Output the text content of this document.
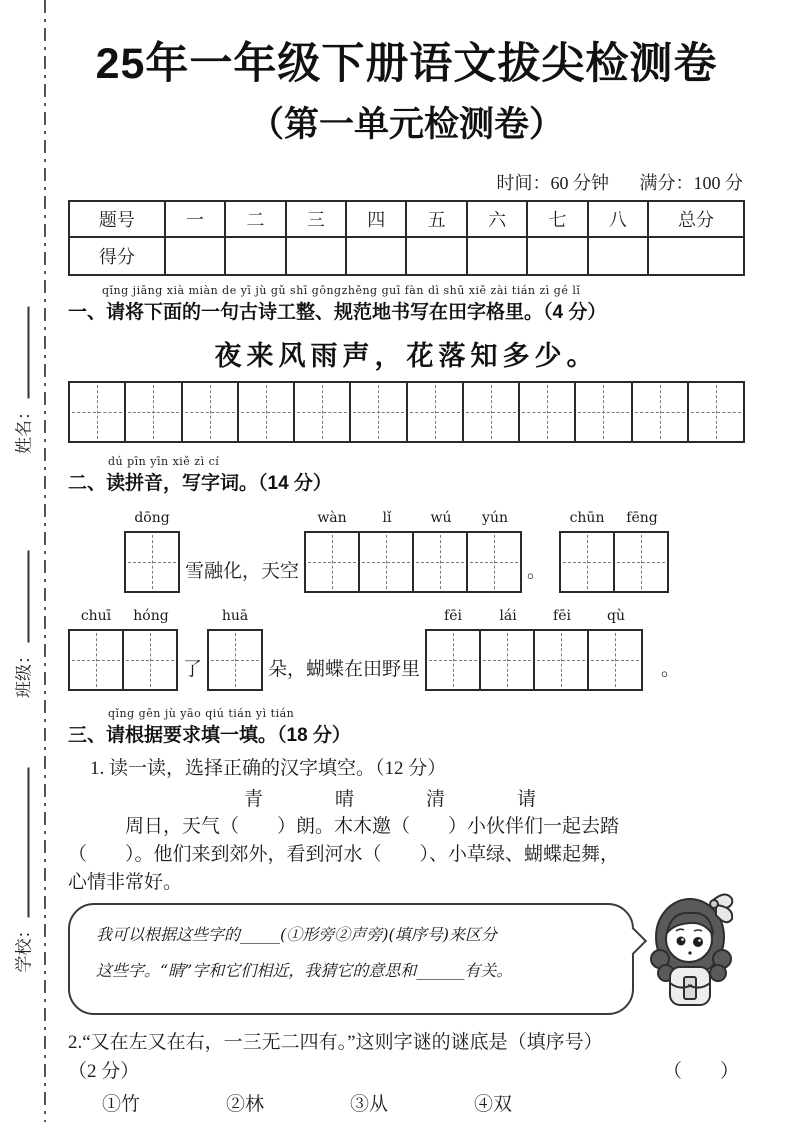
姓名：
班级：
学校：
25年一年级下册语文拔尖检测卷
（第一单元检测卷）
时间：60 分钟 满分：100 分
题号	一	二	三	四	五	六	七	八	总分
得分									
qǐng jiāng xià miàn de yī jù gǔ shī gōngzhěng guī fàn dì shū xiě zài tián zì gé lǐ
一、请将下面的一句古诗工整、规范地书写在田字格里。（4 分）
夜来风雨声，花落知多少。
dú pīn yīn xiě zì cí
二、读拼音，写字词。（14 分）
dōng
雪融化，天空
wàn	lǐ	wú yún
。
chūn fēng
chuī hóng
了
huā
朵，蝴蝶在田野里
fēi	lái	fēi	qù
。
qǐng gēn jù yāo qiú tián yì tián
三、请根据要求填一填。（18 分）
1. 读一读，选择正确的汉字填空。（12 分）
青	晴	清	请
周日，天气（　　）朗。木木邀（　　）小伙伴们一起去踏
（　　）。他们来到郊外，看到河水（　　）、小草绿、蝴蝶起舞，
心情非常好。
我可以根据这些字的_____(①形旁②声旁)(填序号)来区分
这些字。“睛”字和它们相近，我猜它的意思和______有关。
2.“又在左又在右，一三无二四有。”这则字谜的谜底是（填序号）
（2 分）	（　　）
①竹	②林	③从	④双
